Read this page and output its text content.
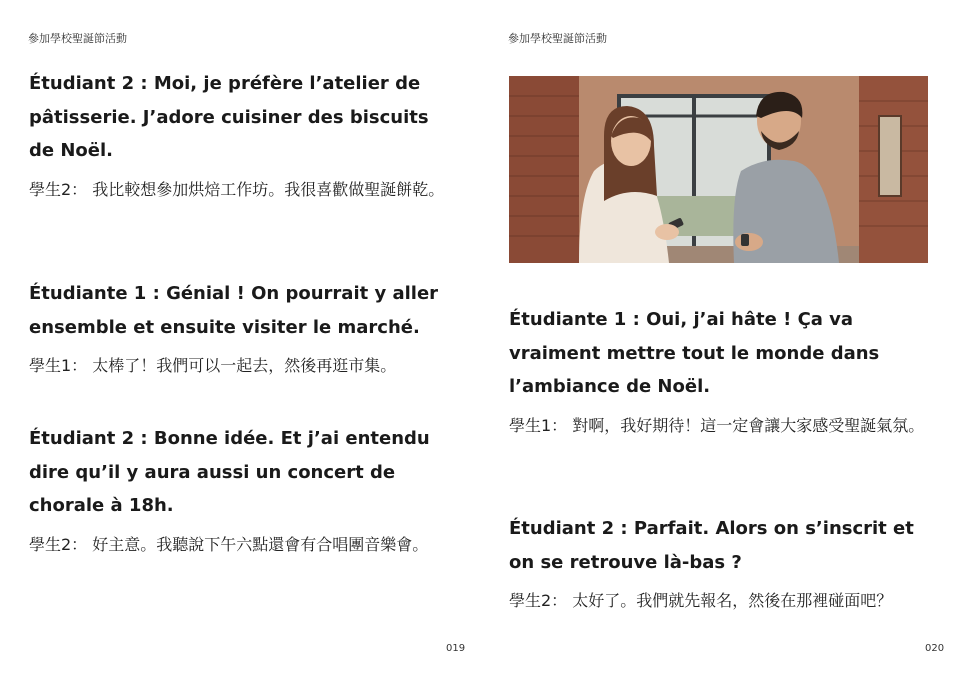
參加學校聖誕節活動

Étudiant 2 : Moi, je préfère l’atelier de pâtisserie. J’adore cuisiner des biscuits de Noël.

學生2： 我比較想參加烘焙工作坊。我很喜歡做聖誕餅乾。

Étudiante 1 : Génial ! On pourrait y aller ensemble et ensuite visiter le marché.

學生1： 太棒了！我們可以一起去，然後再逛市集。

Étudiant 2 : Bonne idée. Et j’ai entendu dire qu’il y aura aussi un concert de chorale à 18h.

學生2： 好主意。我聽說下午六點還會有合唱團音樂會。

019
參加學校聖誕節活動

Étudiante 1 : Oui, j’ai hâte ! Ça va vraiment mettre tout le monde dans l’ambiance de Noël.

學生1： 對啊，我好期待！這一定會讓大家感受聖誕氣氛。

Étudiant 2 : Parfait. Alors on s’inscrit et on se retrouve là-bas ?

學生2： 太好了。我們就先報名，然後在那裡碰面吧？

020
